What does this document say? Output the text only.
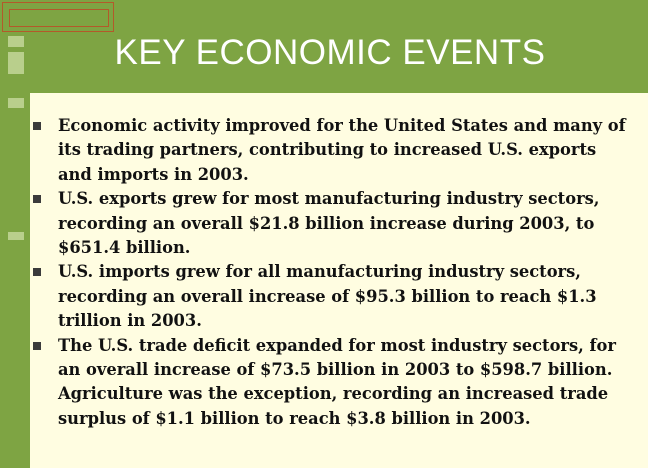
KEY ECONOMIC EVENTS
Economic activity improved for the United States and many of its trading partners, contributing to increased U.S. exports and imports in 2003.
U.S. exports grew for most manufacturing industry sectors, recording an overall $21.8 billion increase during 2003, to $651.4 billion.
U.S. imports grew for all manufacturing industry sectors, recording an overall increase of $95.3 billion to reach $1.3 trillion in 2003.
The U.S. trade deficit expanded for most industry sectors, for an overall increase of $73.5 billion in 2003 to $598.7 billion. Agriculture was the exception, recording an increased trade surplus of $1.1 billion to reach $3.8 billion in 2003.
